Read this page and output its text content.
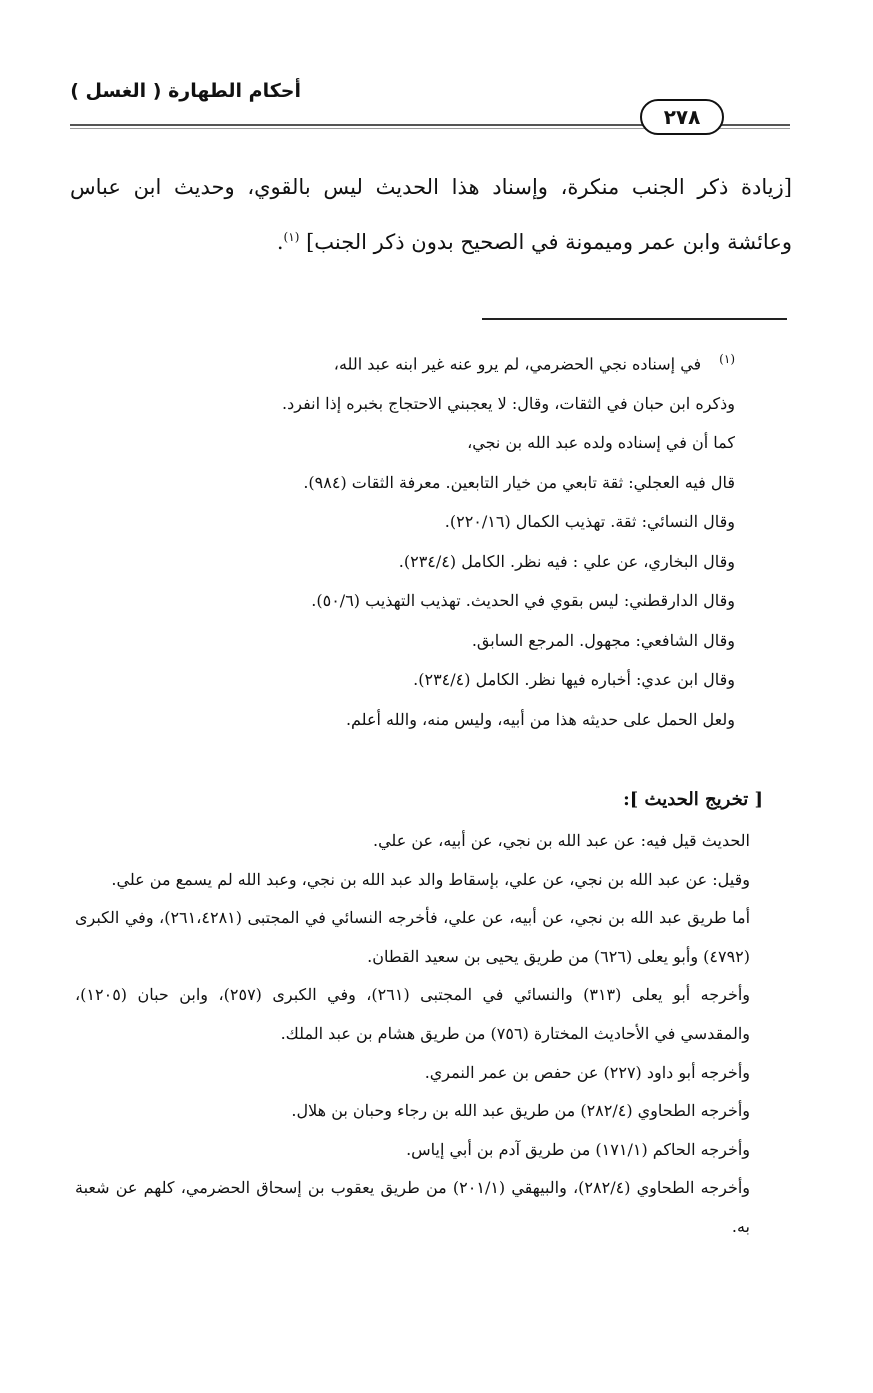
أحكام الطهارة ( الغسل )
٢٧٨
[زيادة ذكر الجنب منكرة، وإسناد هذا الحديث ليس بالقوي، وحديث ابن عباس وعائشة وابن عمر وميمونة في الصحيح بدون ذكر الجنب] $^{(١)}$.
$^{(١)}$في إسناده نجي الحضرمي، لم يرو عنه غير ابنه عبد الله،
وذكره ابن حبان في الثقات، وقال: لا يعجبني الاحتجاج بخبره إذا انفرد.
كما أن في إسناده ولده عبد الله بن نجي،
قال فيه العجلي: ثقة تابعي من خيار التابعين. معرفة الثقات (٩٨٤).
وقال النسائي: ثقة. تهذيب الكمال (٢٢٠/١٦).
وقال البخاري، عن علي : فيه نظر. الكامل (٢٣٤/٤).
وقال الدارقطني: ليس بقوي في الحديث. تهذيب التهذيب (٥٠/٦).
وقال الشافعي: مجهول. المرجع السابق.
وقال ابن عدي: أخباره فيها نظر. الكامل (٢٣٤/٤).
ولعل الحمل على حديثه هذا من أبيه، وليس منه، والله أعلم.
[ تخريج الحديث ]:
الحديث قيل فيه: عن عبد الله بن نجي، عن أبيه، عن علي.
وقيل: عن عبد الله بن نجي، عن علي، بإسقاط والد عبد الله بن نجي، وعبد الله لم يسمع من علي.
أما طريق عبد الله بن نجي، عن أبيه، عن علي، فأخرجه النسائي في المجتبى (٢٦١،٤٢٨١)، وفي الكبرى (٤٧٩٢) وأبو يعلى (٦٢٦) من طريق يحيى بن سعيد القطان.
وأخرجه أبو يعلى (٣١٣) والنسائي في المجتبى (٢٦١)، وفي الكبرى (٢٥٧)، وابن حبان (١٢٠٥)، والمقدسي في الأحاديث المختارة (٧٥٦) من طريق هشام بن عبد الملك.
وأخرجه أبو داود (٢٢٧) عن حفص بن عمر النمري.
وأخرجه الطحاوي (٢٨٢/٤) من طريق عبد الله بن رجاء وحبان بن هلال.
وأخرجه الحاكم (١٧١/١) من طريق آدم بن أبي إياس.
وأخرجه الطحاوي (٢٨٢/٤)، والبيهقي (٢٠١/١) من طريق يعقوب بن إسحاق الحضرمي، كلهم عن شعبة به.
